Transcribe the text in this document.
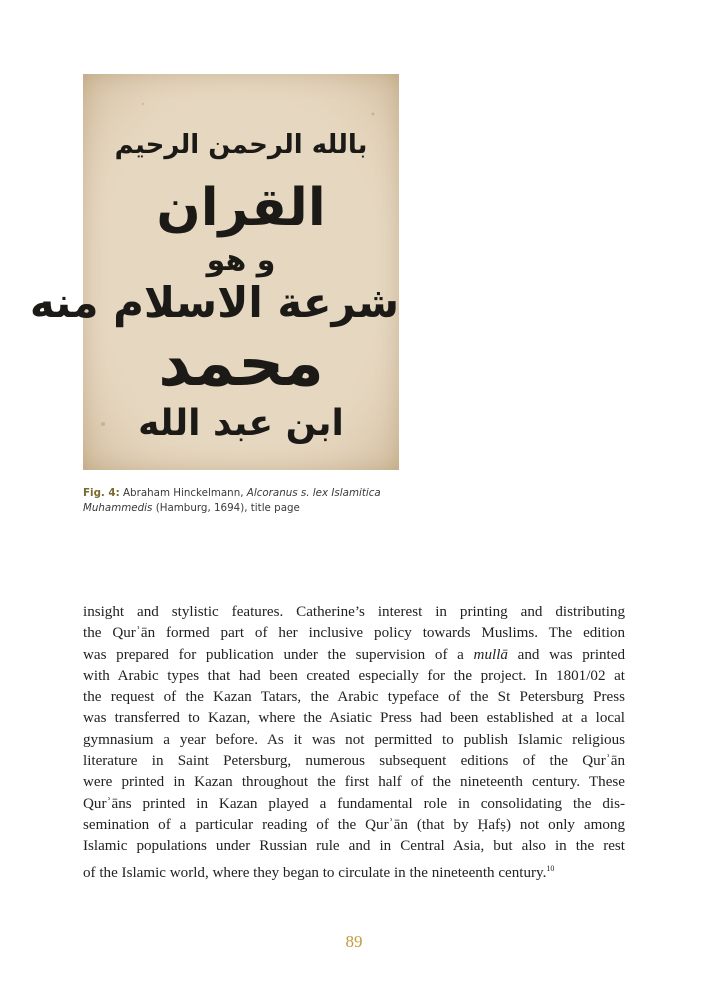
بالله الرحمن الرحيم
القران
و هو
شرعة الاسلام منه
محمد
ابن عبد الله
Fig. 4: Abraham Hinckelmann, Alcoranus s. lex Islamitica Muhammedis (Hamburg, 1694), title page
insight and stylistic features. Catherine’s interest in printing and distributing
the Qurʾān formed part of her inclusive policy towards Muslims. The edition
was prepared for publication under the supervision of a mullā and was printed
with Arabic types that had been created especially for the project. In 1801/02 at
the request of the Kazan Tatars, the Arabic typeface of the St Petersburg Press
was transferred to Kazan, where the Asiatic Press had been established at a local
gymnasium a year before. As it was not permitted to publish Islamic religious
literature in Saint Petersburg, numerous subsequent editions of the Qurʾān
were printed in Kazan throughout the first half of the nineteenth century. These
Qurʾāns printed in Kazan played a fundamental role in consolidating the dis-
semination of a particular reading of the Qurʾān (that by Ḥafṣ) not only among
Islamic populations under Russian rule and in Central Asia, but also in the rest
of the Islamic world, where they began to circulate in the nineteenth century.$^{10}$
89
